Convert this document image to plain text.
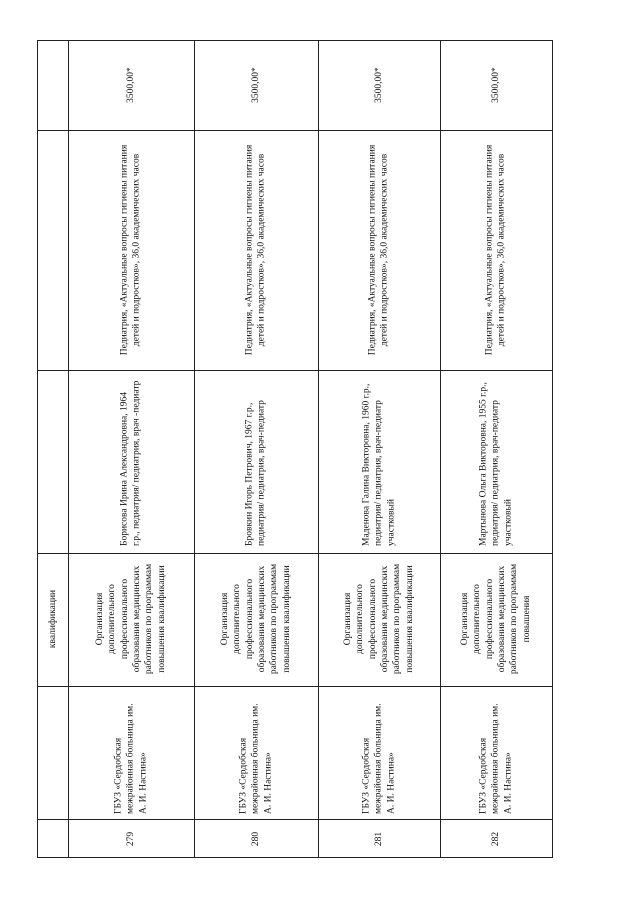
квалификации
279
ГБУЗ «Сердобская межрайонная больница им. А. И. Настина»
Организация дополнительного профессионального образования медицинских работников по программам повышения квалификации
Борисова Ирина Александровна, 1964 г.р., педиатрия/ педиатрия, врач -педиатр
Педиатрия, «Актуальные вопросы гигиены питания детей и подростков», 36,0 академических часов
3500,00*
280
ГБУЗ «Сердобская межрайонная больница им. А. И. Настина»
Организация дополнительного профессионального образования медицинских работников по программам повышения квалификации
Бровкин Игорь Петрович, 1967 г.р., педиатрия/ педиатрия, врач-педиатр
Педиатрия, «Актуальные вопросы гигиены питания детей и подростков», 36,0 академических часов
3500,00*
281
ГБУЗ «Сердобская межрайонная больница им. А. И. Настина»
Организация дополнительного профессионального образования медицинских работников по программам повышения квалификации
Маденова Галина Викторовна, 1960 г.р., педиатрия/ педиатрия, врач-педиатр участковый
Педиатрия, «Актуальные вопросы гигиены питания детей и подростков», 36,0 академических часов
3500,00*
282
ГБУЗ «Сердобская межрайонная больница им. А. И. Настина»
Организация дополнительного профессионального образования медицинских работников по программам повышения
Мартынова Ольга Викторовна, 1955 г.р., педиатрия/ педиатрия, врач-педиатр участковый
Педиатрия, «Актуальные вопросы гигиены питания детей и подростков», 36,0 академических часов
3500,00*
